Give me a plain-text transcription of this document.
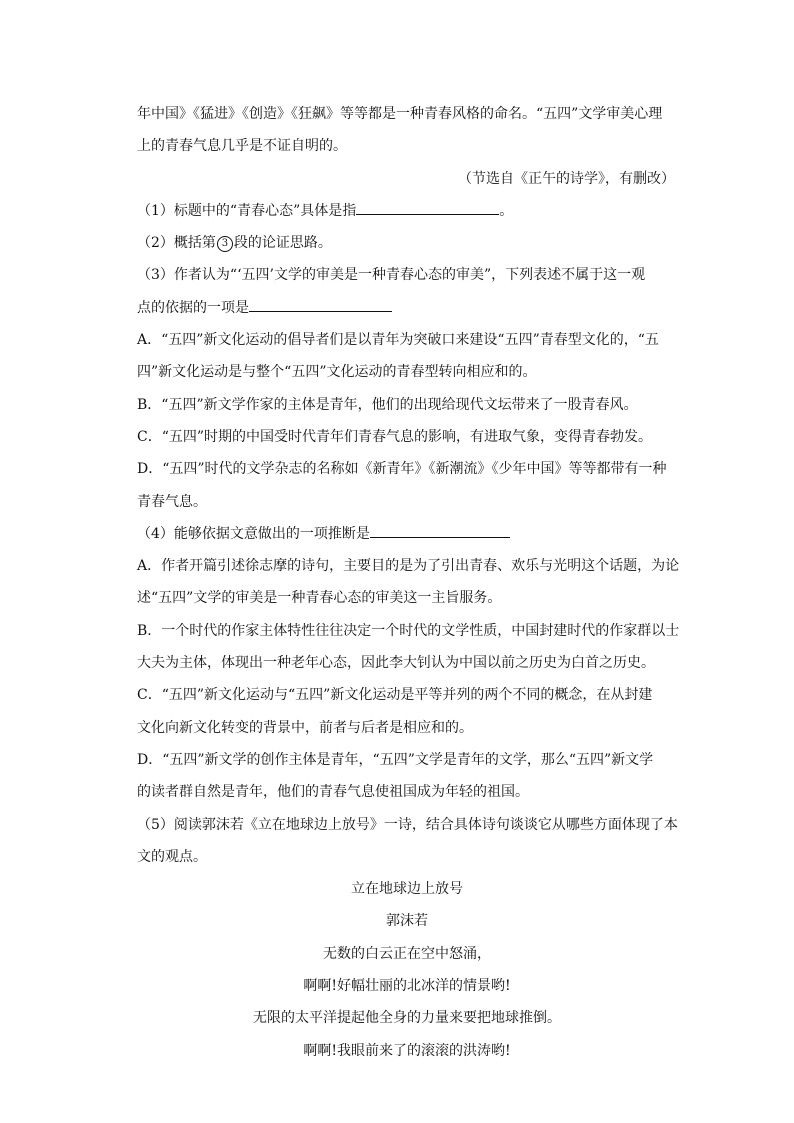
年中国》《猛进》《创造》《狂飙》等等都是一种青春风格的命名。“五四”文学审美心理
上的青春气息几乎是不证自明的。
（节选自《正午的诗学》，有删改）
（1）标题中的“青春心态”具体是指	。
（2）概括第 3 段的论证思路。
（3）作者认为“‘五四’文学的审美是一种青春心态的审美”，下列表述不属于这一观
点的依据的一项是
A．“五四”新文化运动的倡导者们是以青年为突破口来建设“五四”青春型文化的，“五
四”新文化运动是与整个“五四”文化运动的青春型转向相应和的。
B．“五四”新文学作家的主体是青年，他们的出现给现代文坛带来了一股青春风。
C．“五四”时期的中国受时代青年们青春气息的影响，有进取气象，变得青春勃发。
D．“五四”时代的文学杂志的名称如《新青年》《新潮流》《少年中国》等等都带有一种
青春气息。
（4）能够依据文意做出的一项推断是
A．作者开篇引述徐志摩的诗句，主要目的是为了引出青春、欢乐与光明这个话题，为论
述“五四”文学的审美是一种青春心态的审美这一主旨服务。
B．一个时代的作家主体特性往往决定一个时代的文学性质，中国封建时代的作家群以士
大夫为主体，体现出一种老年心态，因此李大钊认为中国以前之历史为白首之历史。
C．“五四”新文化运动与“五四”新文化运动是平等并列的两个不同的概念，在从封建
文化向新文化转变的背景中，前者与后者是相应和的。
D．“五四”新文学的创作主体是青年，“五四”文学是青年的文学，那么“五四”新文学
的读者群自然是青年，他们的青春气息使祖国成为年轻的祖国。
（5）阅读郭沫若《立在地球边上放号》一诗，结合具体诗句谈谈它从哪些方面体现了本
文的观点。
立在地球边上放号
郭沫若
无数的白云正在空中怒涌，
啊啊!好幅壮丽的北冰洋的情景哟!
无限的太平洋提起他全身的力量来要把地球推倒。
啊啊!我眼前来了的滚滚的洪涛哟!
